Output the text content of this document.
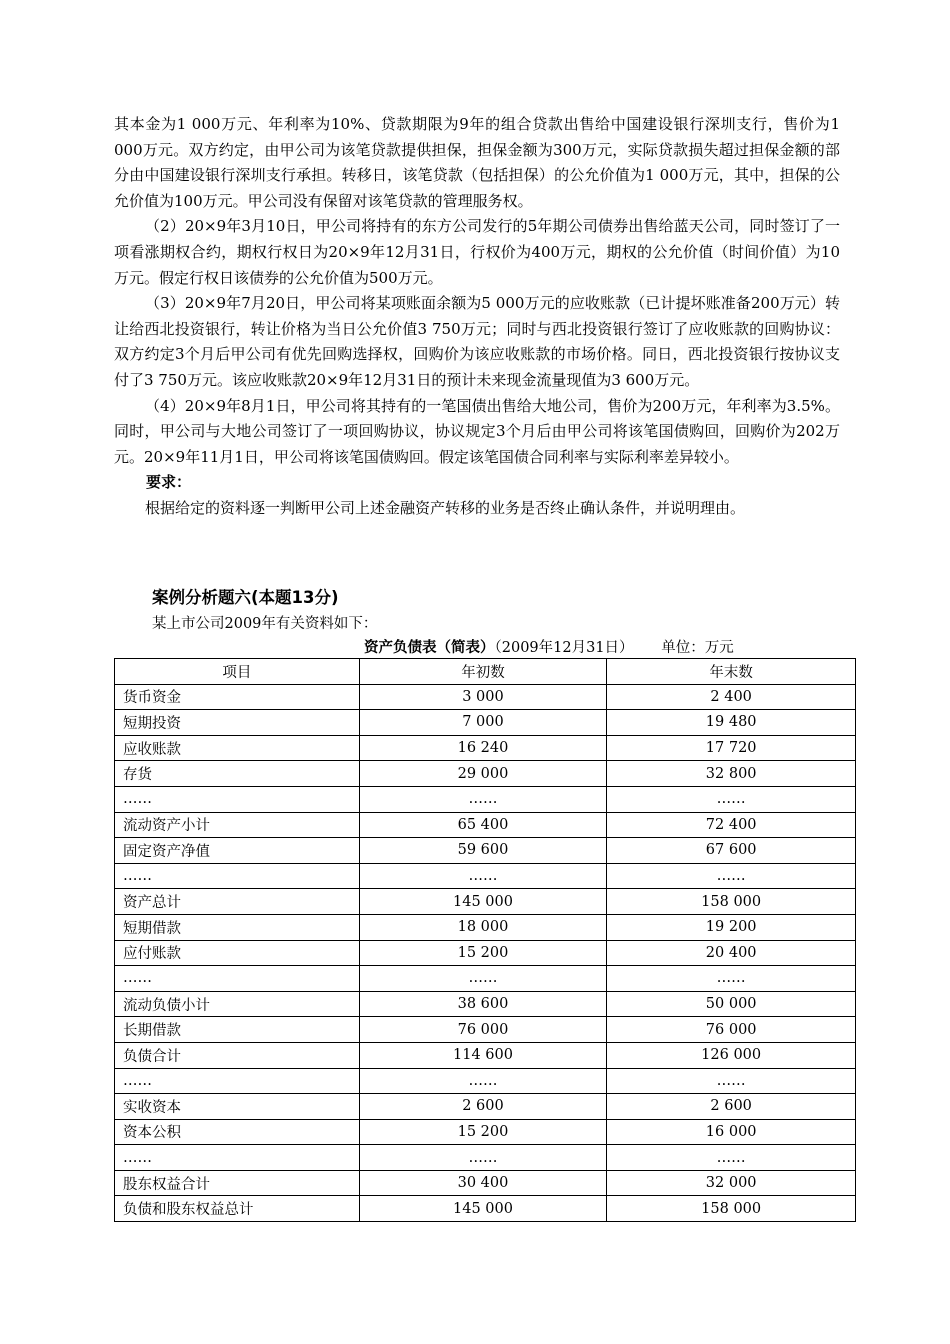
其本金为1 000万元、年利率为10%、贷款期限为9年的组合贷款出售给中国建设银行深圳支行，售价为1 000万元。双方约定，由甲公司为该笔贷款提供担保，担保金额为300万元，实际贷款损失超过担保金额的部分由中国建设银行深圳支行承担。转移日，该笔贷款（包括担保）的公允价值为1 000万元，其中，担保的公允价值为100万元。甲公司没有保留对该笔贷款的管理服务权。

（2）20×9年3月10日，甲公司将持有的东方公司发行的5年期公司债券出售给蓝天公司，同时签订了一项看涨期权合约，期权行权日为20×9年12月31日，行权价为400万元，期权的公允价值（时间价值）为10万元。假定行权日该债券的公允价值为500万元。

（3）20×9年7月20日，甲公司将某项账面余额为5 000万元的应收账款（已计提坏账准备200万元）转让给西北投资银行，转让价格为当日公允价值3 750万元；同时与西北投资银行签订了应收账款的回购协议：双方约定3个月后甲公司有优先回购选择权，回购价为该应收账款的市场价格。同日，西北投资银行按协议支付了3 750万元。该应收账款20×9年12月31日的预计未来现金流量现值为3 600万元。

（4）20×9年8月1日，甲公司将其持有的一笔国债出售给大地公司，售价为200万元，年利率为3.5%。同时，甲公司与大地公司签订了一项回购协议，协议规定3个月后由甲公司将该笔国债购回，回购价为202万元。20×9年11月1日，甲公司将该笔国债购回。假定该笔国债合同利率与实际利率差异较小。

要求：

根据给定的资料逐一判断甲公司上述金融资产转移的业务是否终止确认条件，并说明理由。

案例分析题六(本题13分)

某上市公司2009年有关资料如下：

资产负债表（简表）（2009年12月31日） 单位：万元

项目	年初数	年末数
货币资金	3 000	2 400
短期投资	7 000	19 480
应收账款	16 240	17 720
存货	29 000	32 800
……	……	……
流动资产小计	65 400	72 400
固定资产净值	59 600	67 600
……	……	……
资产总计	145 000	158 000
短期借款	18 000	19 200
应付账款	15 200	20 400
……	……	……
流动负债小计	38 600	50 000
长期借款	76 000	76 000
负债合计	114 600	126 000
……	……	……
实收资本	2 600	2 600
资本公积	15 200	16 000
……	……	……
股东权益合计	30 400	32 000
负债和股东权益总计	145 000	158 000
